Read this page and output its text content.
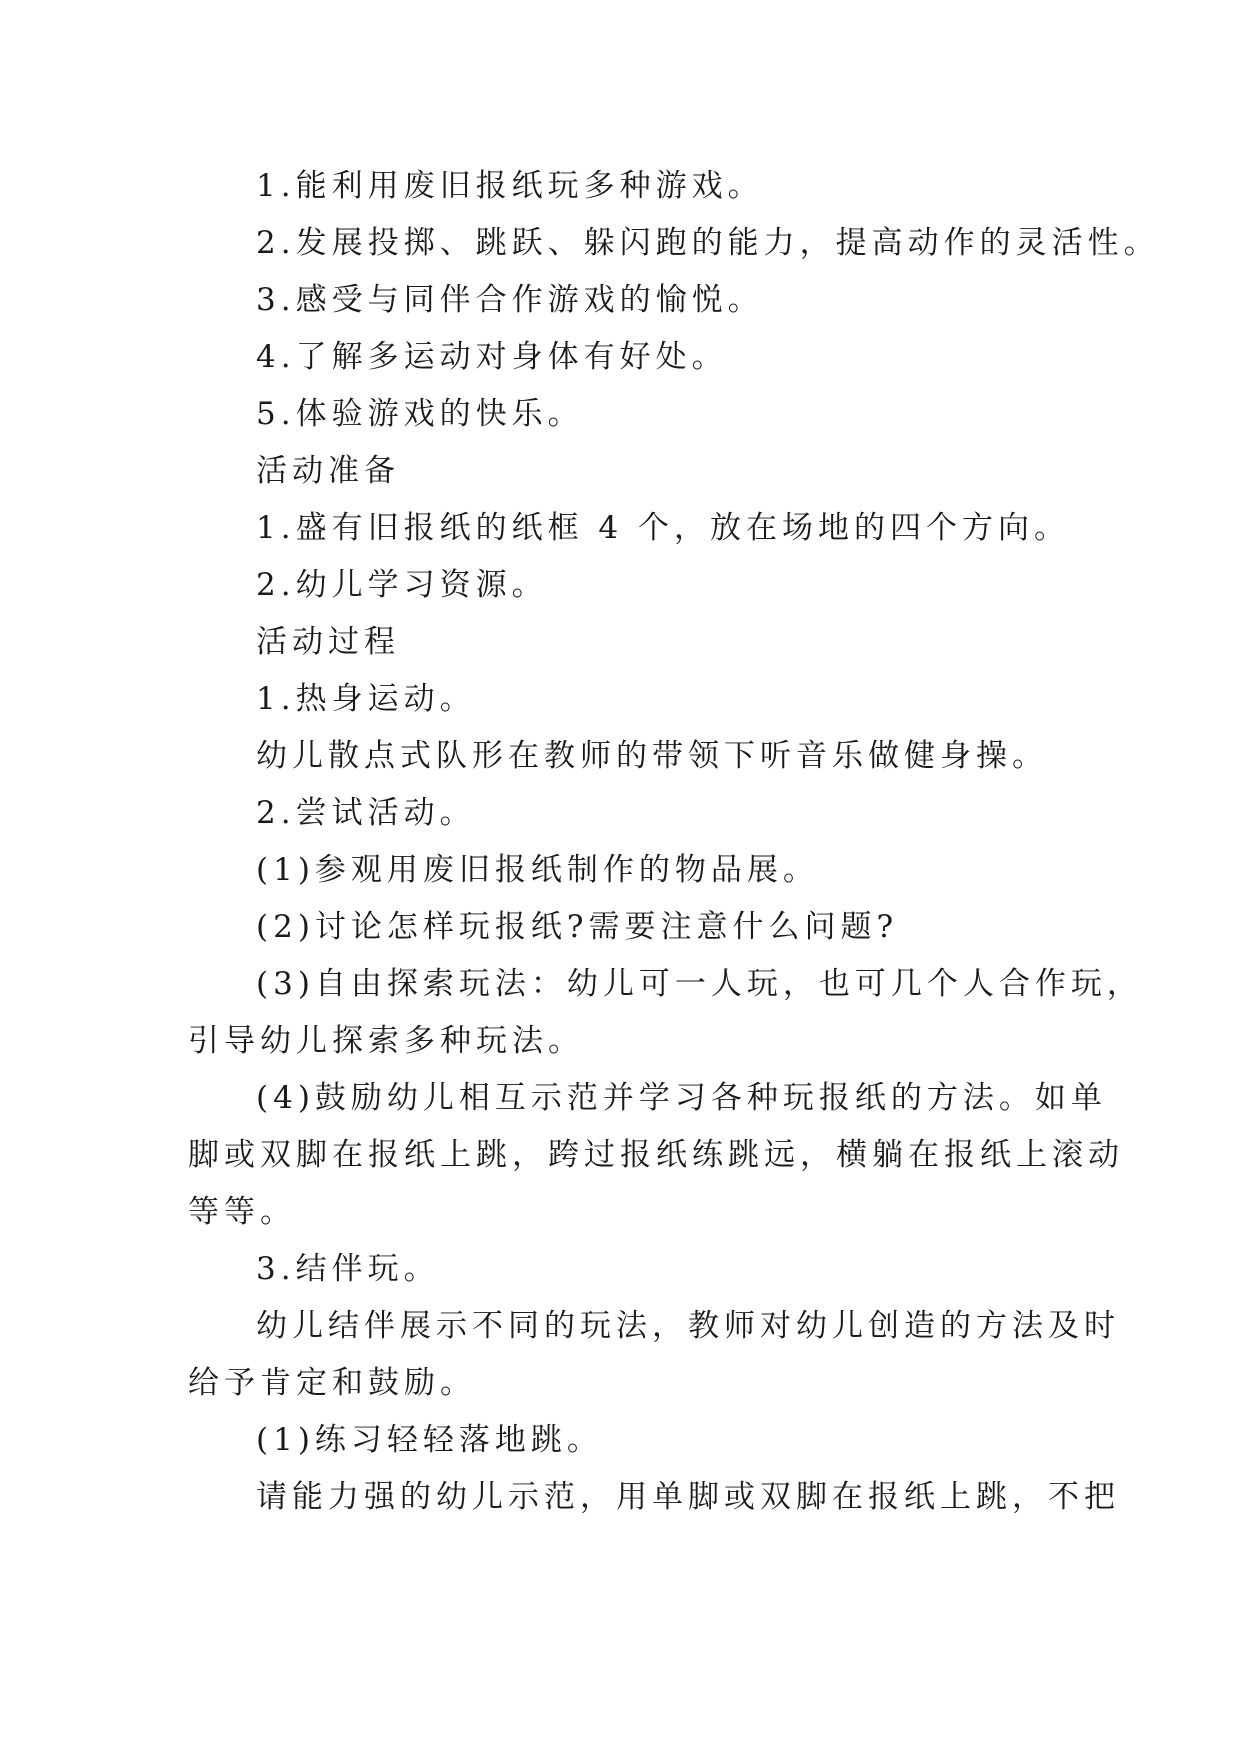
1.能利用废旧报纸玩多种游戏。
2.发展投掷、跳跃、躲闪跑的能力，提高动作的灵活性。
3.感受与同伴合作游戏的愉悦。
4.了解多运动对身体有好处。
5.体验游戏的快乐。
活动准备
1.盛有旧报纸的纸框 4 个，放在场地的四个方向。
2.幼儿学习资源。
活动过程
1.热身运动。
幼儿散点式队形在教师的带领下听音乐做健身操。
2.尝试活动。
(1)参观用废旧报纸制作的物品展。
(2)讨论怎样玩报纸?需要注意什么问题?
(3)自由探索玩法：幼儿可一人玩，也可几个人合作玩，
引导幼儿探索多种玩法。
(4)鼓励幼儿相互示范并学习各种玩报纸的方法。如单
脚或双脚在报纸上跳，跨过报纸练跳远，横躺在报纸上滚动
等等。
3.结伴玩。
幼儿结伴展示不同的玩法，教师对幼儿创造的方法及时
给予肯定和鼓励。
(1)练习轻轻落地跳。
请能力强的幼儿示范，用单脚或双脚在报纸上跳，不把
